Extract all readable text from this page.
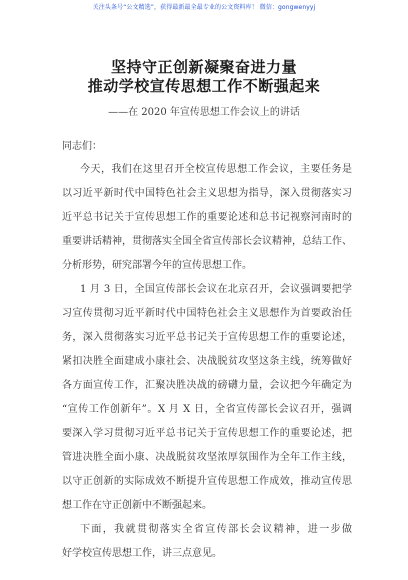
关注头条号“公文精选”，获得最新最全最专业的公文资料库！ 微信：gongwenyyj
坚持守正创新凝聚奋进力量
推动学校宣传思想工作不断强起来
——在 2020 年宣传思想工作会议上的讲话
同志们：
今天，我们在这里召开全校宣传思想工作会议，主要任务是
以习近平新时代中国特色社会主义思想为指导，深入贯彻落实习
近平总书记关于宣传思想工作的重要论述和总书记视察河南时的
重要讲话精神，贯彻落实全国全省宣传部长会议精神，总结工作、
分析形势，研究部署今年的宣传思想工作。
1 月 3 日，全国宣传部长会议在北京召开，会议强调要把学
习宣传贯彻习近平新时代中国特色社会主义思想作为首要政治任
务，深入贯彻落实习近平总书记关于宣传思想工作的重要论述，
紧扣决胜全面建成小康社会、决战脱贫攻坚这条主线，统筹做好
各方面宣传工作，汇聚决胜决战的磅礴力量，会议把今年确定为
“宣传工作创新年”。X 月 X 日，全省宣传部长会议召开，强调
要深入学习贯彻习近平总书记关于宣传思想工作的重要论述，把
管进决胜全面小康、决战脱贫攻坚浓厚氛围作为全年工作主线，
以守正创新的实际成效不断提升宣传思想工作成效，推动宣传思
想工作在守正创新中不断强起来。
下面，我就贯彻落实全省宣传部长会议精神，进一步做
好学校宣传思想工作，讲三点意见。
